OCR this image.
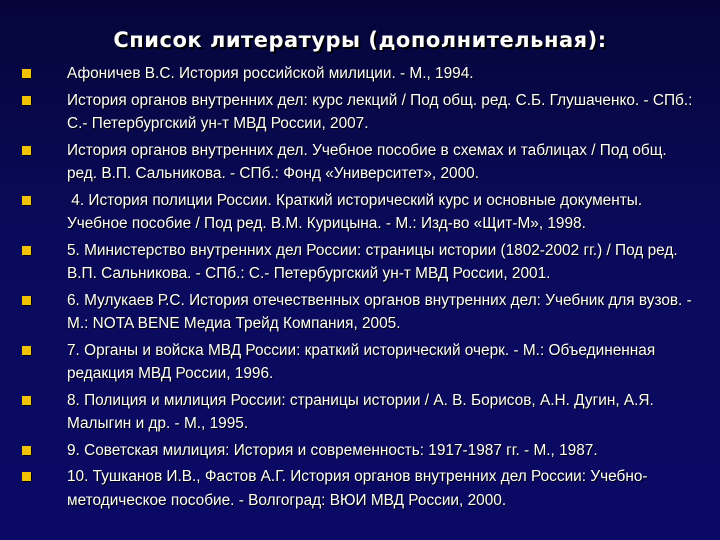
Список литературы (дополнительная):
Афоничев В.С. История российской милиции. - М., 1994.
История органов внутренних дел: курс лекций / Под общ. ред. С.Б. Глушаченко. - СПб.: С.- Петербургский ун-т МВД России, 2007.
История органов внутренних дел. Учебное пособие в схемах и таблицах / Под общ. ред. В.П. Сальникова. - СПб.: Фонд «Университет», 2000.
4. История полиции России. Краткий исторический курс и основные документы. Учебное пособие / Под ред. В.М. Курицына. - М.: Изд-во «Щит-М», 1998.
5. Министерство внутренних дел России: страницы истории (1802-2002 гг.) / Под ред. В.П. Сальникова. - СПб.: С.- Петербургский ун-т МВД России, 2001.
6. Мулукаев Р.С. История отечественных органов внутренних дел: Учебник для вузов. - М.: NOTA BENE Медиа Трейд Компания, 2005.
7. Органы и войска МВД России: краткий исторический очерк. - М.: Объединенная редакция МВД России, 1996.
8. Полиция и милиция России: страницы истории / А. В. Борисов, А.Н. Дугин, А.Я. Малыгин и др. - М., 1995.
9. Советская милиция: История и современность: 1917-1987 гг. - М., 1987.
10. Тушканов И.В., Фастов А.Г. История органов внутренних дел России: Учебно-методическое пособие. - Волгоград: ВЮИ МВД России, 2000.
